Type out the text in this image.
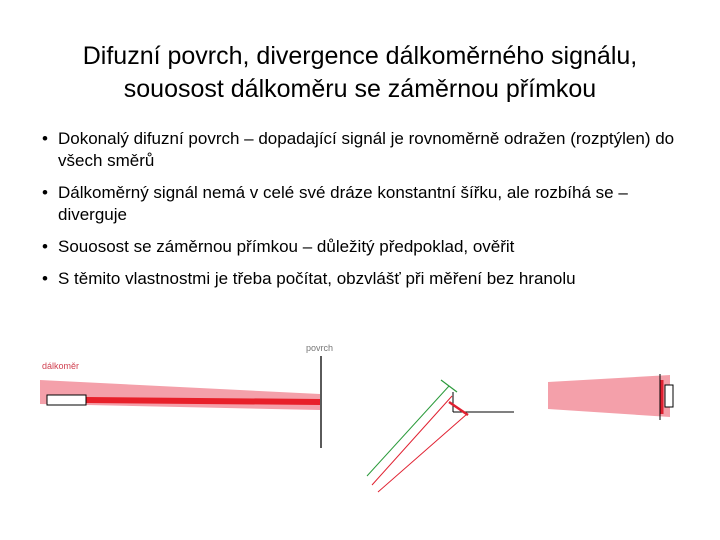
Difuzní povrch, divergence dálkoměrného signálu,
souosost dálkoměru se záměrnou přímkou
• Dokonalý difuzní povrch – dopadající signál je rovnoměrně odražen (rozptýlen) do všech směrů
• Dálkoměrný signál nemá v celé své dráze konstantní šířku, ale rozbíhá se – diverguje
• Souosost se záměrnou přímkou – důležitý předpoklad, ověřit
• S těmito vlastnostmi je třeba počítat, obzvlášť při měření bez hranolu
dálkoměr
povrch
